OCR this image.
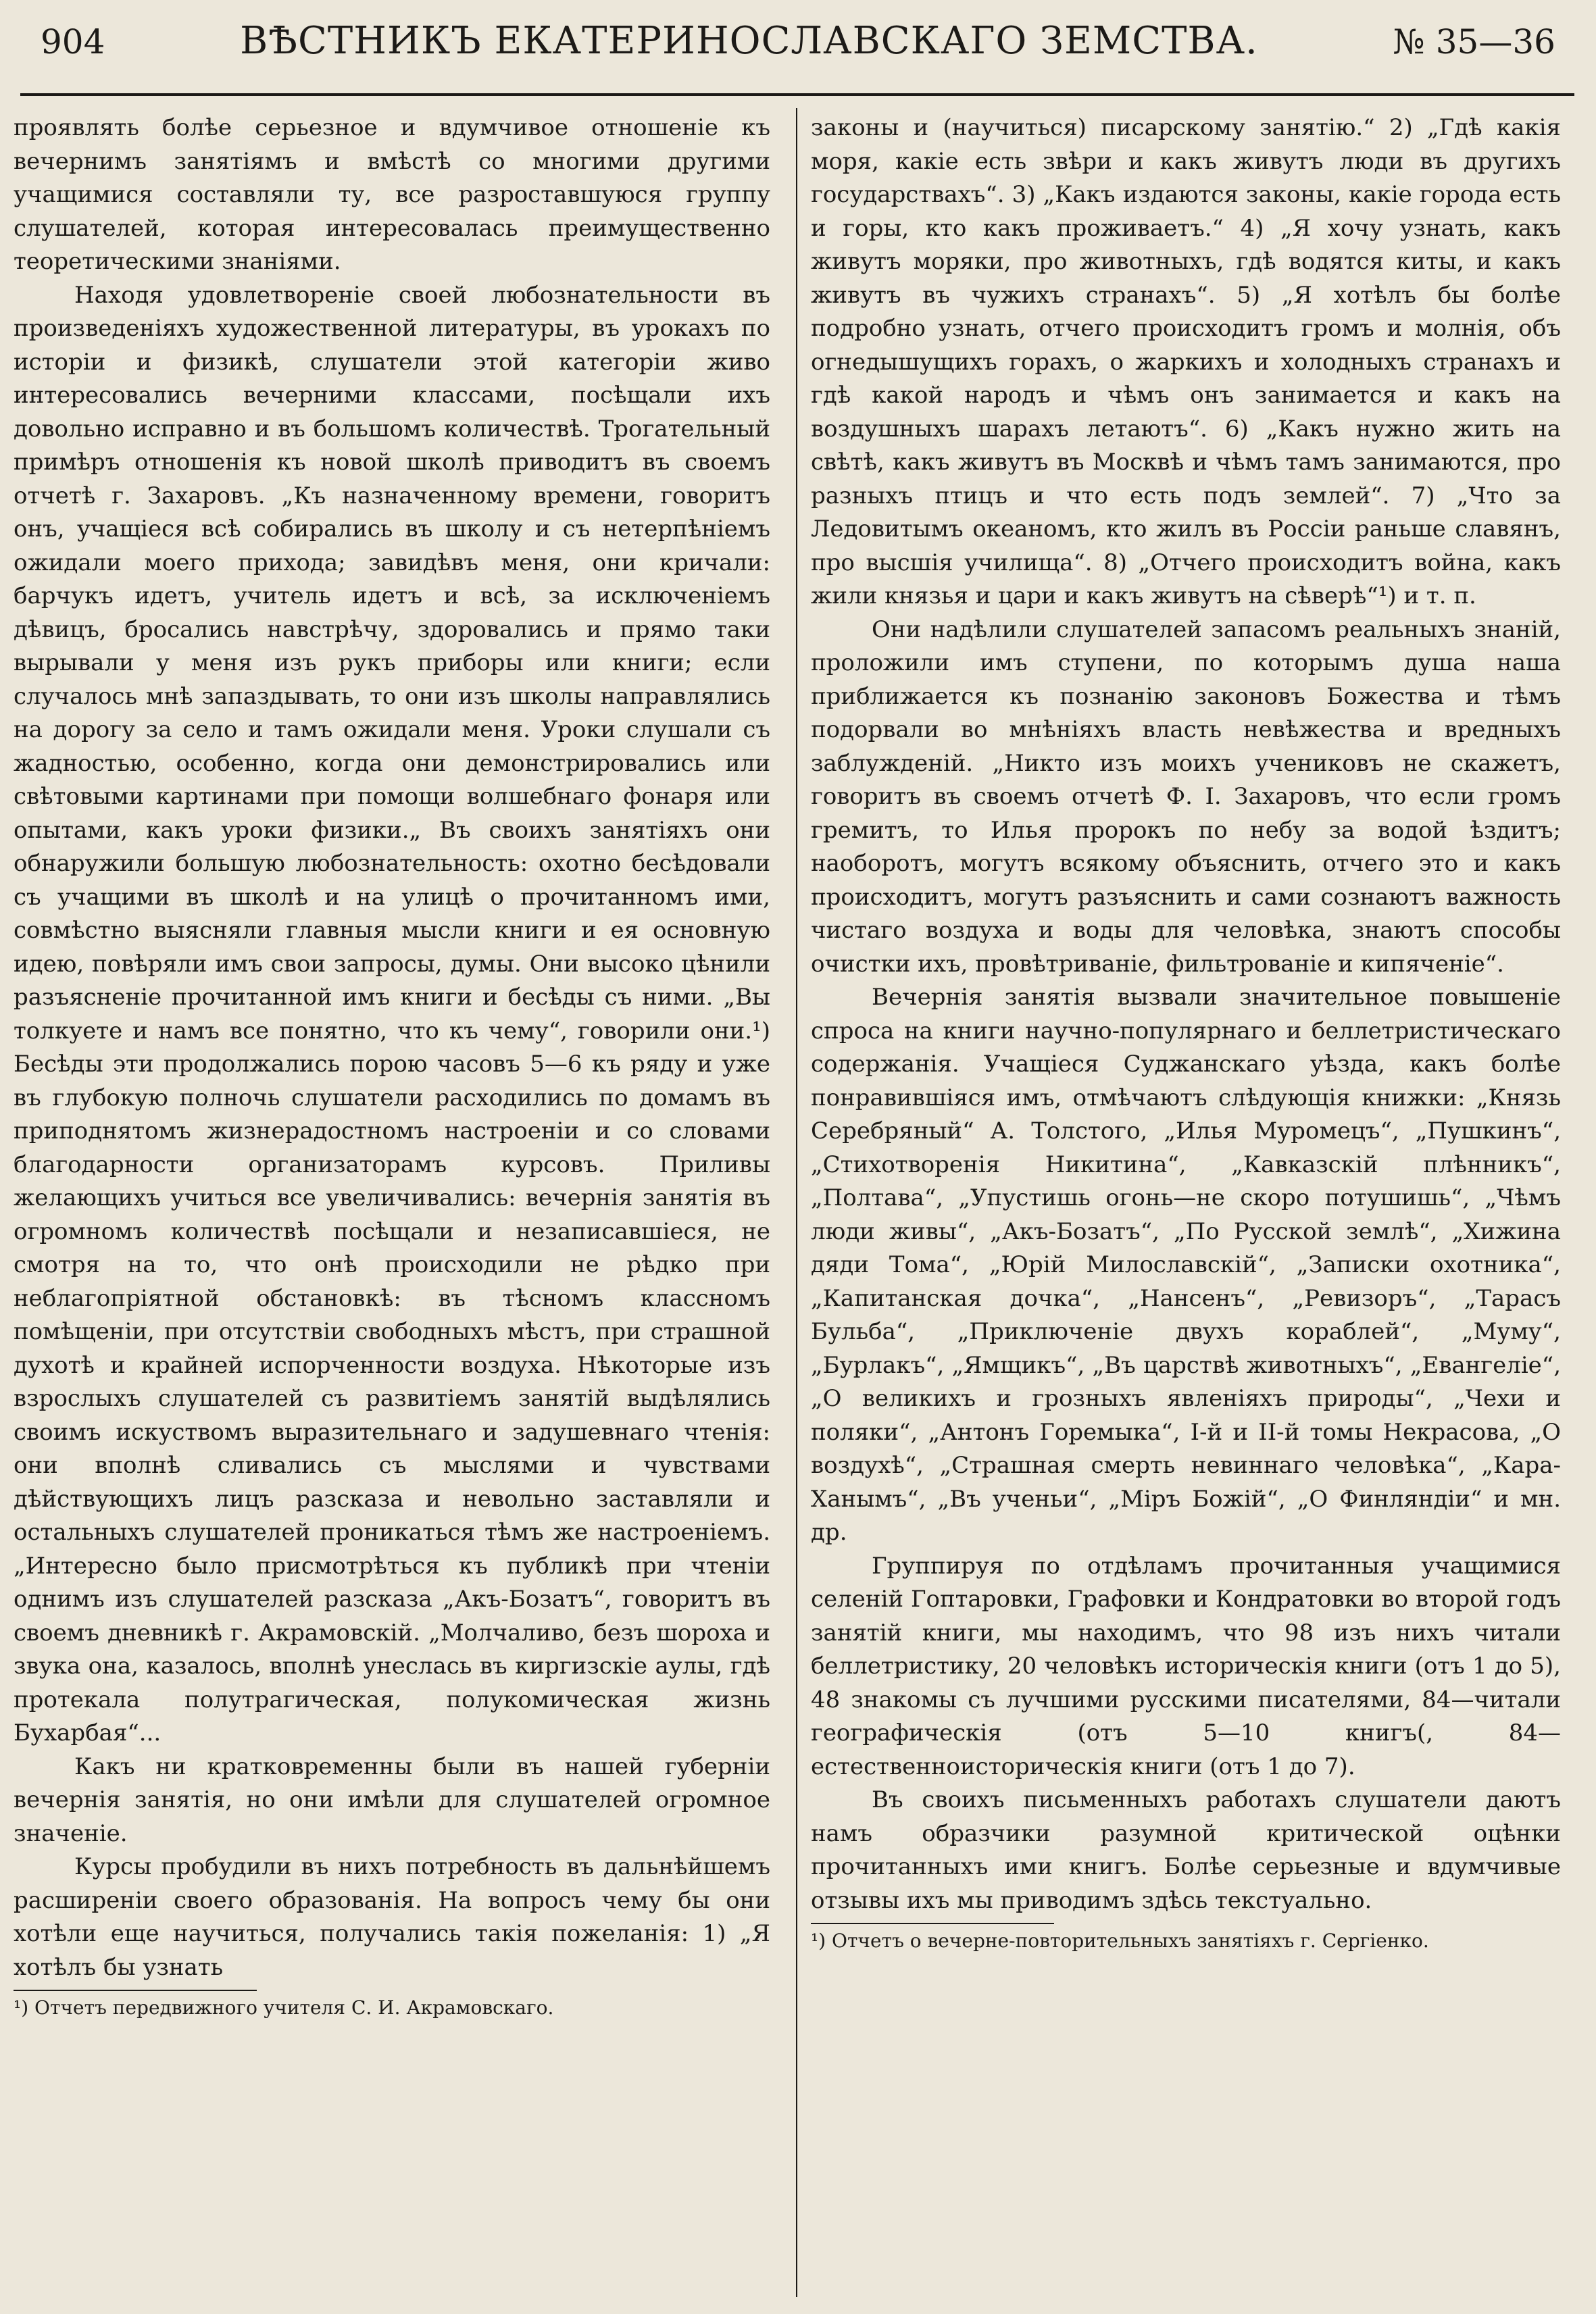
904	ВѢСТНИКЪ ЕКАТЕРИНОСЛАВСКАГО ЗЕМСТВА.	№ 35—36

проявлять болѣе серьезное и вдумчивое отношеніе къ вечернимъ занятіямъ и вмѣстѣ со многими другими учащимися составляли ту, все разроставшуюся группу слушателей, которая интересовалась преимущественно теоретическими знаніями.

Находя удовлетвореніе своей любознательности въ произведеніяхъ художественной литературы, въ урокахъ по исторіи и физикѣ, слушатели этой категоріи живо интересовались вечерними классами, посѣщали ихъ довольно исправно и въ большомъ количествѣ. Трогательный примѣръ отношенія къ новой школѣ приводитъ въ своемъ отчетѣ г. Захаровъ. „Къ назначенному времени, говоритъ онъ, учащіеся всѣ собирались въ школу и съ нетерпѣніемъ ожидали моего прихода; завидѣвъ меня, они кричали: барчукъ идетъ, учитель идетъ и всѣ, за исключеніемъ дѣвицъ, бросались навстрѣчу, здоровались и прямо таки вырывали у меня изъ рукъ приборы или книги; если случалось мнѣ запаздывать, то они изъ школы направлялись на дорогу за село и тамъ ожидали меня. Уроки слушали съ жадностью, особенно, когда они демонстрировались или свѣтовыми картинами при помощи волшебнаго фонаря или опытами, какъ уроки физики.„ Въ своихъ занятіяхъ они обнаружили большую любознательность: охотно бесѣдовали съ учащими въ школѣ и на улицѣ о прочитанномъ ими, совмѣстно выясняли главныя мысли книги и ея основную идею, повѣряли имъ свои запросы, думы. Они высоко цѣнили разъясненіе прочитанной имъ книги и бесѣды съ ними. „Вы толкуете и намъ все понятно, что къ чему“, говорили они.¹) Бесѣды эти продолжались порою часовъ 5—6 къ ряду и уже въ глубокую полночь слушатели расходились по домамъ въ приподнятомъ жизнерадостномъ настроеніи и со словами благодарности организаторамъ курсовъ. Приливы желающихъ учиться все увеличивались: вечернія занятія въ огромномъ количествѣ посѣщали и незаписавшіеся, не смотря на то, что онѣ происходили не рѣдко при неблагопріятной обстановкѣ: въ тѣсномъ классномъ помѣщеніи, при отсутствіи свободныхъ мѣстъ, при страшной духотѣ и крайней испорченности воздуха. Нѣкоторые изъ взрослыхъ слушателей съ развитіемъ занятій выдѣлялись своимъ искуствомъ выразительнаго и задушевнаго чтенія: они вполнѣ сливались съ мыслями и чувствами дѣйствующихъ лицъ разсказа и невольно заставляли и остальныхъ слушателей проникаться тѣмъ же настроеніемъ. „Интересно было присмотрѣться къ публикѣ при чтеніи однимъ изъ слушателей разсказа „Акъ-Бозатъ“, говоритъ въ своемъ дневникѣ г. Акрамовскій. „Молчаливо, безъ шороха и звука она, казалось, вполнѣ унеслась въ киргизскіе аулы, гдѣ протекала полутрагическая, полукомическая жизнь Бухарбая“...

Какъ ни кратковременны были въ нашей губерніи вечернія занятія, но они имѣли для слушателей огромное значеніе.

Курсы пробудили въ нихъ потребность въ дальнѣйшемъ расширеніи своего образованія. На вопросъ чему бы они хотѣли еще научиться, получались такія пожеланія: 1) „Я хотѣлъ бы узнать

¹) Отчетъ передвижного учителя С. И. Акрамовскаго.

законы и (научиться) писарскому занятію.“ 2) „Гдѣ какія моря, какіе есть звѣри и какъ живутъ люди въ другихъ государствахъ“. 3) „Какъ издаются законы, какіе города есть и горы, кто какъ проживаетъ.“ 4) „Я хочу узнать, какъ живутъ моряки, про животныхъ, гдѣ водятся киты, и какъ живутъ въ чужихъ странахъ“. 5) „Я хотѣлъ бы болѣе подробно узнать, отчего происходитъ громъ и молнія, объ огнедышущихъ горахъ, о жаркихъ и холодныхъ странахъ и гдѣ какой народъ и чѣмъ онъ занимается и какъ на воздушныхъ шарахъ летаютъ“. 6) „Какъ нужно жить на свѣтѣ, какъ живутъ въ Москвѣ и чѣмъ тамъ занимаются, про разныхъ птицъ и что есть подъ землей“. 7) „Что за Ледовитымъ океаномъ, кто жилъ въ Россіи раньше славянъ, про высшія училища“. 8) „Отчего происходитъ война, какъ жили князья и цари и какъ живутъ на сѣверѣ“¹) и т. п.

Они надѣлили слушателей запасомъ реальныхъ знаній, проложили имъ ступени, по которымъ душа наша приближается къ познанію законовъ Божества и тѣмъ подорвали во мнѣніяхъ власть невѣжества и вредныхъ заблужденій. „Никто изъ моихъ учениковъ не скажетъ, говоритъ въ своемъ отчетѣ Ф. І. Захаровъ, что если громъ гремитъ, то Илья пророкъ по небу за водой ѣздитъ; наоборотъ, могутъ всякому объяснить, отчего это и какъ происходитъ, могутъ разъяснить и сами сознаютъ важность чистаго воздуха и воды для человѣка, знаютъ способы очистки ихъ, провѣтриваніе, фильтрованіе и кипяченіе“.

Вечернія занятія вызвали значительное повышеніе спроса на книги научно-популярнаго и беллетристическаго содержанія. Учащіеся Суджанскаго уѣзда, какъ болѣе понравившіяся имъ, отмѣчаютъ слѣдующія книжки: „Князь Серебряный“ А. Толстого, „Илья Муромецъ“, „Пушкинъ“, „Стихотворенія Никитина“, „Кавказскій плѣнникъ“, „Полтава“, „Упустишь огонь—не скоро потушишь“, „Чѣмъ люди живы“, „Акъ-Бозатъ“, „По Русской землѣ“, „Хижина дяди Тома“, „Юрій Милославскій“, „Записки охотника“, „Капитанская дочка“, „Нансенъ“, „Ревизоръ“, „Тарасъ Бульба“, „Приключеніе двухъ кораблей“, „Муму“, „Бурлакъ“, „Ямщикъ“, „Въ царствѣ животныхъ“, „Евангеліе“, „О великихъ и грозныхъ явленіяхъ природы“, „Чехи и поляки“, „Антонъ Горемыка“, І-й и ІІ-й томы Некрасова, „О воздухѣ“, „Страшная смерть невиннаго человѣка“, „Кара-Ханымъ“, „Въ ученьи“, „Міръ Божій“, „О Финляндіи“ и мн. др.

Группируя по отдѣламъ прочитанныя учащимися селеній Гоптаровки, Графовки и Кондратовки во второй годъ занятій книги, мы находимъ, что 98 изъ нихъ читали беллетристику, 20 человѣкъ историческія книги (отъ 1 до 5), 48 знакомы съ лучшими русскими писателями, 84—читали географическія (отъ 5—10 книгъ(, 84—естественноисторическія книги (отъ 1 до 7).

Въ своихъ письменныхъ работахъ слушатели даютъ намъ образчики разумной критической оцѣнки прочитанныхъ ими книгъ. Болѣе серьезные и вдумчивые отзывы ихъ мы приводимъ здѣсь текстуально.

¹) Отчетъ о вечерне-повторительныхъ занятіяхъ г. Сергіенко.
